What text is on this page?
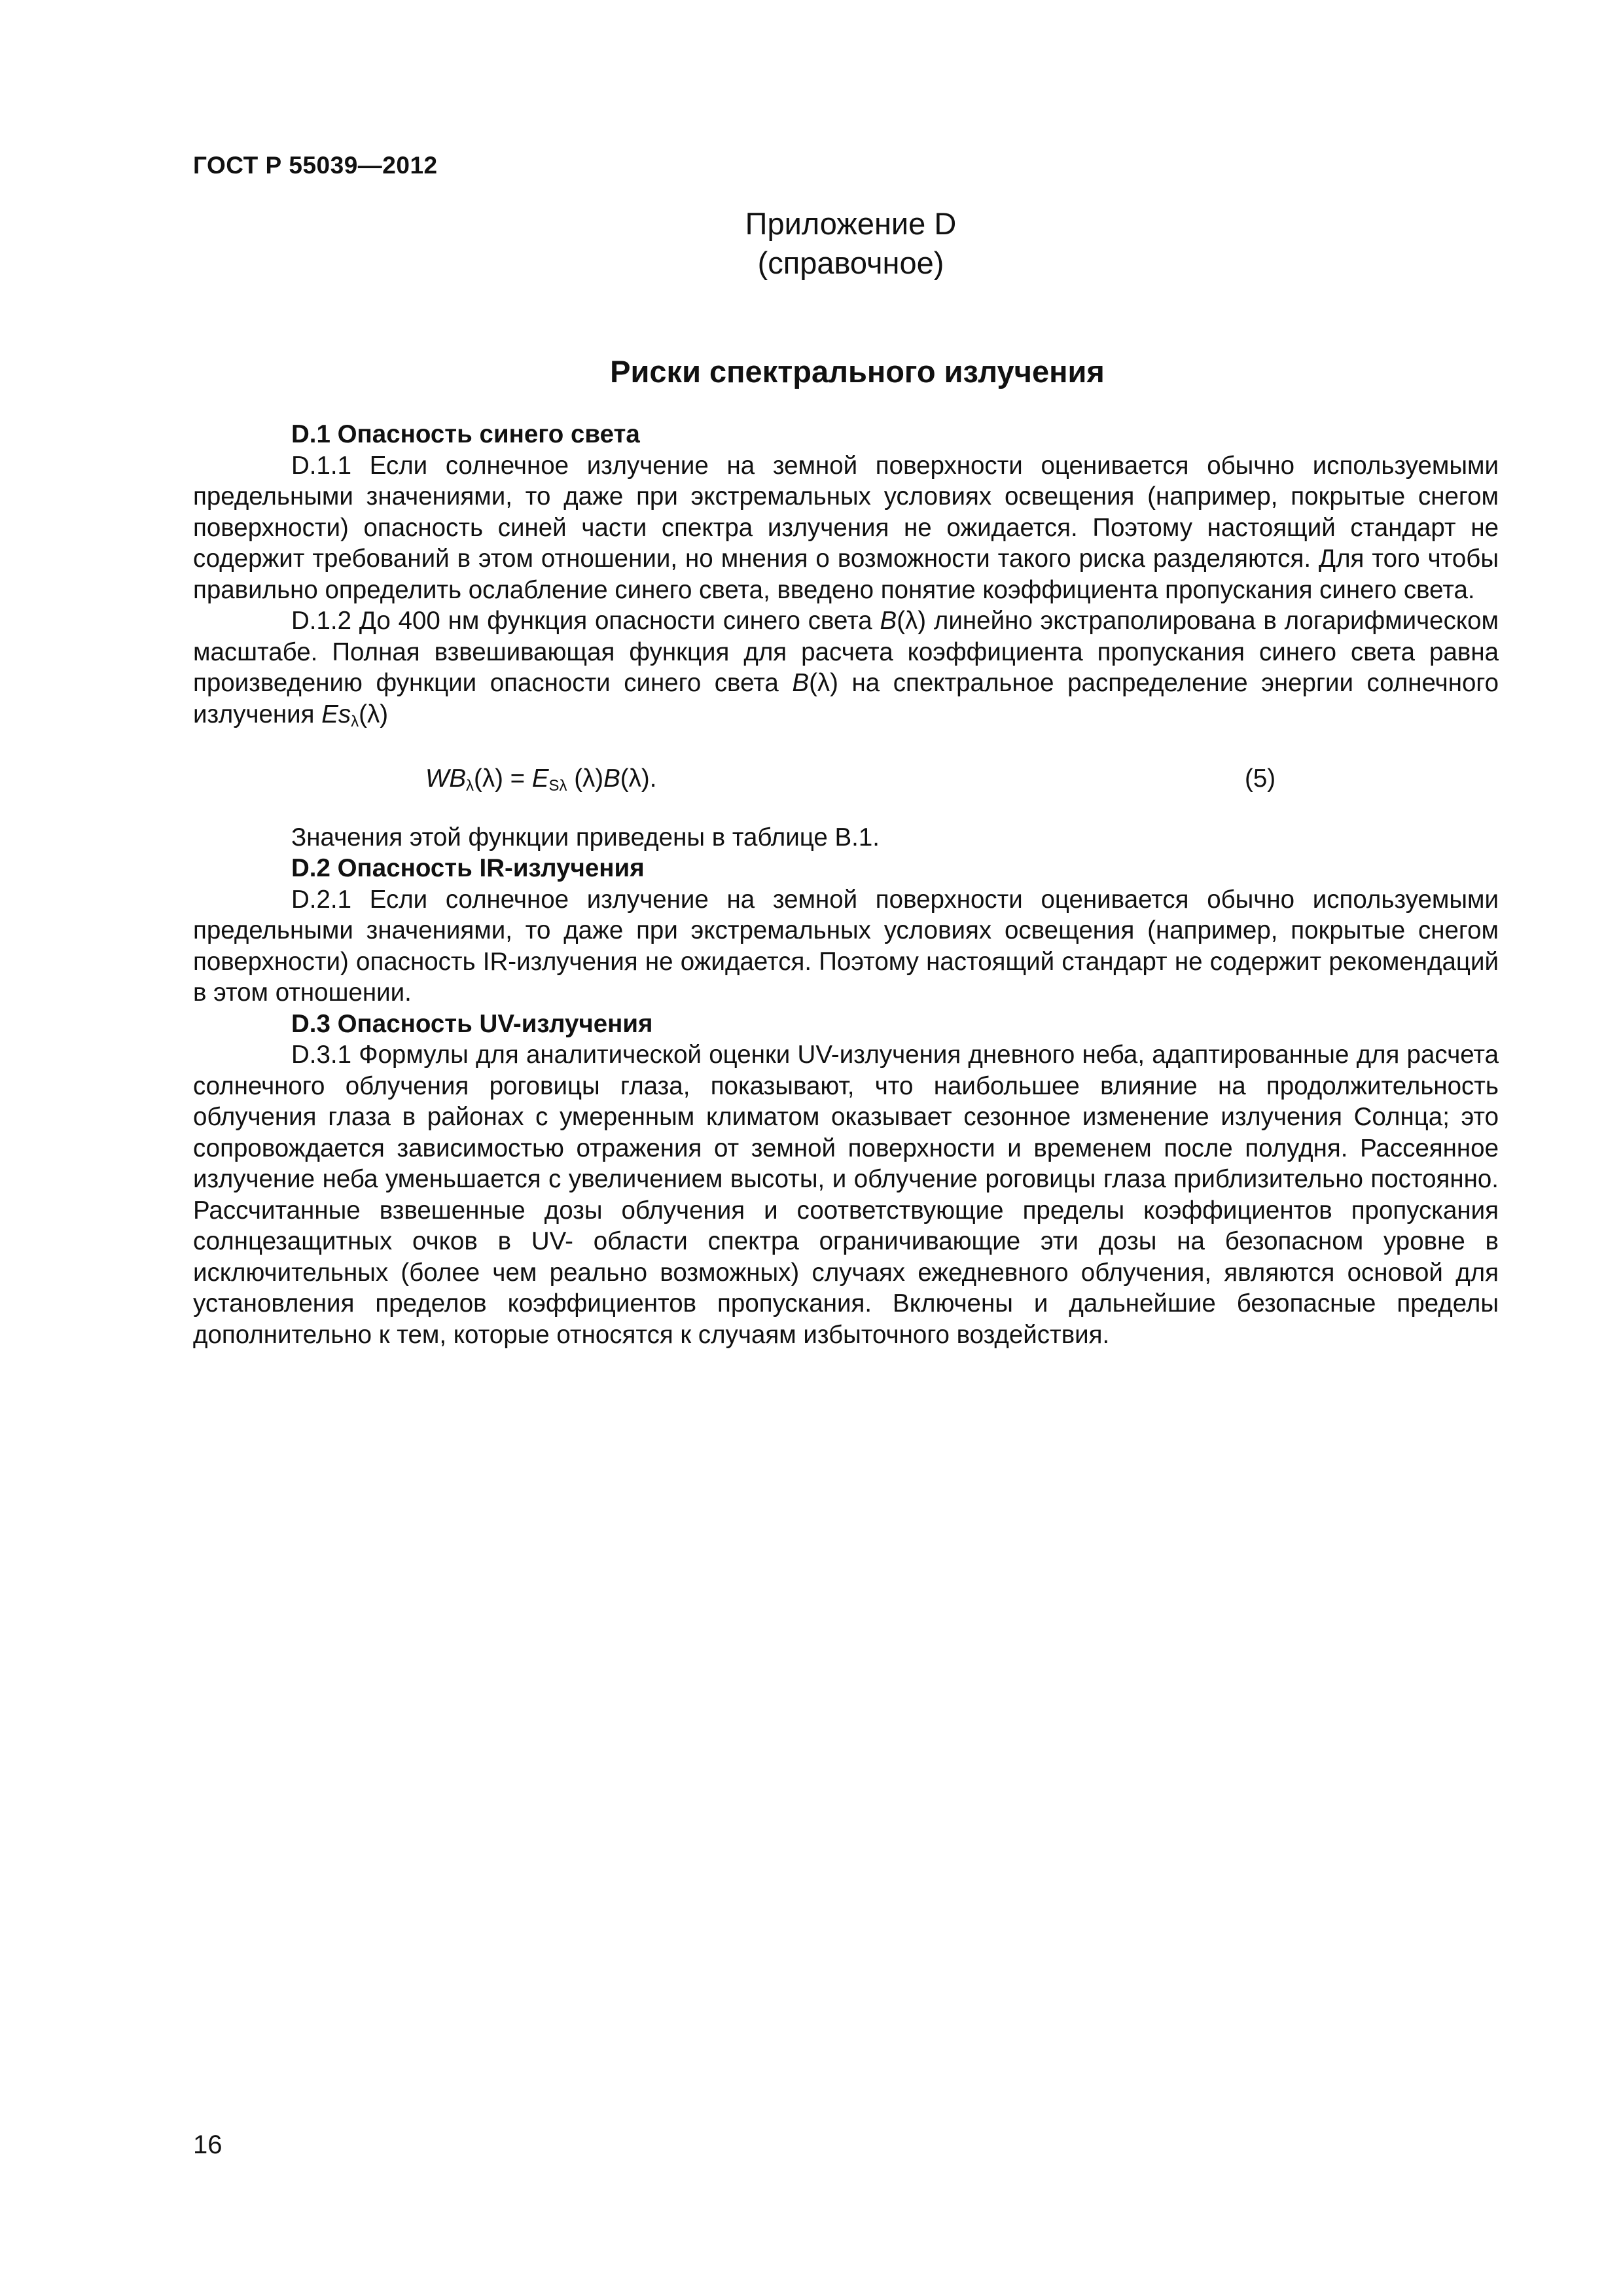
ГОСТ Р 55039—2012
Приложение D
(справочное)
Риски спектрального излучения

D.1 Опасность синего света

D.1.1 Если солнечное излучение на земной поверхности оценивается обычно используемыми предельными значениями, то даже при экстремальных условиях освещения (например, покрытые снегом поверхности) опасность синей части спектра излучения не ожидается. Поэтому настоящий стандарт не содержит требований в этом отношении, но мнения о возможности такого риска разделяются. Для того чтобы правильно определить ослабление синего света, введено понятие коэффициента пропускания синего света.

D.1.2 До 400 нм функция опасности синего света B(λ) линейно экстраполирована в логарифмическом масштабе. Полная взвешивающая функция для расчета коэффициента пропускания синего света равна произведению функции опасности синего света B(λ) на спектральное распределение энергии солнечного излучения $Es_\lambda(\lambda)$

$WB_\lambda(\lambda) = E_{S\lambda}$ (λ)B(λ).	(5)

Значения этой функции приведены в таблице В.1.

D.2 Опасность IR-излучения

D.2.1 Если солнечное излучение на земной поверхности оценивается обычно используемыми предельными значениями, то даже при экстремальных условиях освещения (например, покрытые снегом поверхности) опасность IR-излучения не ожидается. Поэтому настоящий стандарт не содержит рекомендаций в этом отношении.

D.3 Опасность UV-излучения

D.3.1 Формулы для аналитической оценки UV-излучения дневного неба, адаптированные для расчета солнечного облучения роговицы глаза, показывают, что наибольшее влияние на продолжительность облучения глаза в районах с умеренным климатом оказывает сезонное изменение излучения Солнца; это сопровождается зависимостью отражения от земной поверхности и временем после полудня. Рассеянное излучение неба уменьшается с увеличением высоты, и облучение роговицы глаза приблизительно постоянно. Рассчитанные взвешенные дозы облучения и соответствующие пределы коэффициентов пропускания солнцезащитных очков в UV- области спектра ограничивающие эти дозы на безопасном уровне в исключительных (более чем реально возможных) случаях ежедневного облучения, являются основой для установления пределов коэффициентов пропускания. Включены и дальнейшие безопасные пределы дополнительно к тем, которые относятся к случаям избыточного воздействия.

16
